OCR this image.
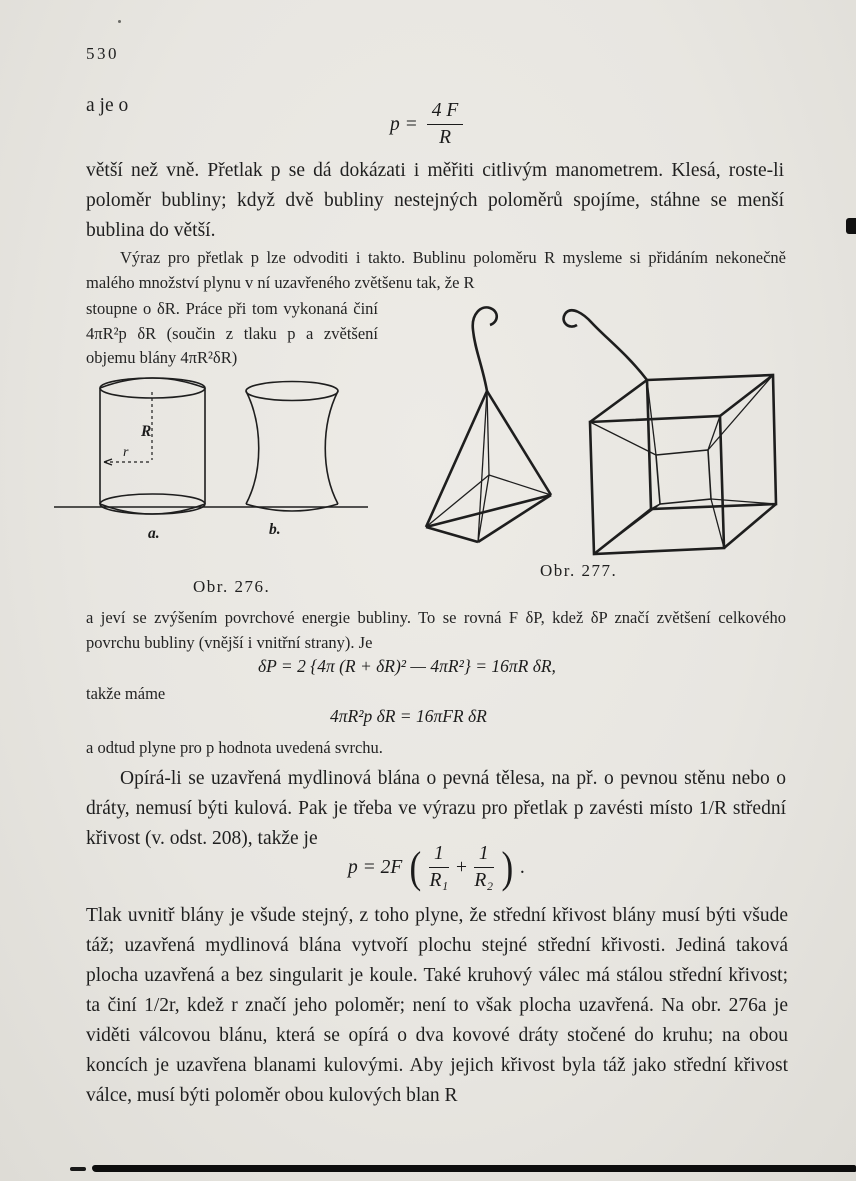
530
a je o
$p = \frac{4 F}{R}$
větší než vně. Přetlak p se dá dokázati i měřiti citlivým manometrem. Klesá, roste-li poloměr bubliny; když dvě bubliny nestejných poloměrů spojíme, stáhne se menší bublina do větší.
Výraz pro přetlak p lze odvoditi i takto. Bublinu poloměru R mysleme si přidáním nekonečně malého množství plynu v ní uzavřeného zvětšenu tak, že R
stoupne o δR. Práce při tom vykonaná činí 4πR²p δR (součin z tlaku p a zvětšení objemu blány 4πR²δR)
R
r
a.	b.
Obr. 276.
Obr. 277.
a jeví se zvýšením povrchové energie bubliny. To se rovná F δP, kdež δP značí zvětšení celkového povrchu bubliny (vnější i vnitřní strany). Je
δP = 2 {4π (R + δR)² — 4πR²} = 16πR δR,
takže máme
4πR²p δR = 16πFR δR
a odtud plyne pro p hodnota uvedená svrchu.
Opírá-li se uzavřená mydlinová blána o pevná tělesa, na př. o pevnou stěnu nebo o dráty, nemusí býti kulová. Pak je třeba ve výrazu pro přetlak p zavésti místo 1/R střední křivost (v. odst. 208), takže je
p = 2F ( $\frac{1}{\text{R₁}} + \frac{1}{\text{R₂}}$ ) .
Tlak uvnitř blány je všude stejný, z toho plyne, že střední křivost blány musí býti všude táž; uzavřená mydlinová blána vytvoří plochu stejné střední křivosti. Jediná taková plocha uzavřená a bez singularit je koule. Také kruhový válec má stálou střední křivost; ta činí 1/2r, kdež r značí jeho poloměr; není to však plocha uzavřená. Na obr. 276a je viděti válcovou blánu, která se opírá o dva kovové dráty stočené do kruhu; na obou koncích je uzavřena blanami kulovými. Aby jejich křivost byla táž jako střední křivost válce, musí býti poloměr obou kulových blan R
